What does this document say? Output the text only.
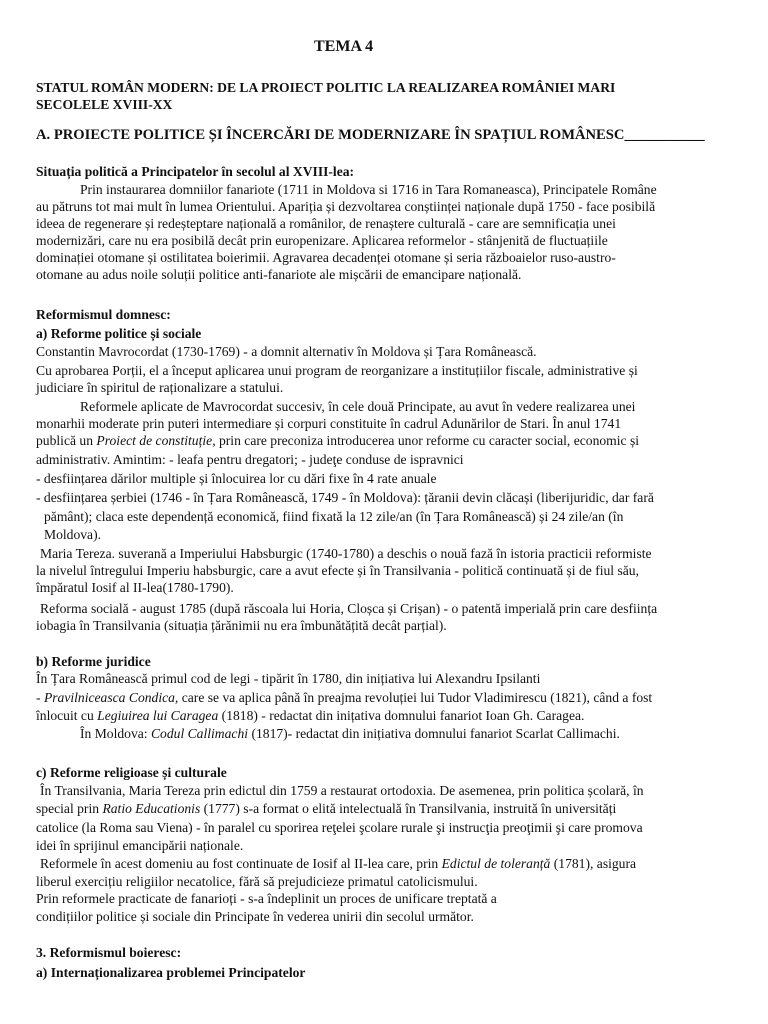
TEMA 4
STATUL ROMÂN MODERN: DE LA PROIECT POLITIC LA REALIZAREA ROMÂNIEI MARI
SECOLELE XVIII-XX
A. PROIECTE POLITICE ȘI ÎNCERCĂRI DE MODERNIZARE ÎN SPAȚIUL ROMÂNESC___________
Situația politică a Principatelor în secolul al XVIII-lea:
Prin instaurarea domniilor fanariote (1711 in Moldova si 1716 in Tara Romaneasca), Principatele Române
au pătruns tot mai mult în lumea Orientului. Apariția și dezvoltarea conștiinței naționale după 1750 - face posibilă
ideea de regenerare și redeșteptare națională a românilor, de renaștere culturală - care are semnificația unei
modernizări, care nu era posibilă decât prin europenizare. Aplicarea reformelor - stânjenită de fluctuațiile
dominației otomane și ostilitatea boierimii. Agravarea decadenței otomane și seria războaielor ruso-austro-
otomane au adus noile soluții politice anti-fanariote ale mișcării de emancipare națională.
Reformismul domnesc:
a) Reforme politice și sociale
Constantin Mavrocordat (1730-1769) - a domnit alternativ în Moldova și Țara Românească.
Cu aprobarea Porții, el a început aplicarea unui program de reorganizare a instituțiilor fiscale, administrative și
judiciare în spiritul de raționalizare a statului.
Reformele aplicate de Mavrocordat succesiv, în cele două Principate, au avut în vedere realizarea unei
monarhii moderate prin puteri intermediare și corpuri constituite în cadrul Adunărilor de Stari. În anul 1741
publică un Proiect de constituție, prin care preconiza introducerea unor reforme cu caracter social, economic și
administrativ. Amintim: - leafa pentru dregatori; - judeţe conduse de ispravnici
- desființarea dărilor multiple și înlocuirea lor cu dări fixe în 4 rate anuale
- desființarea șerbiei (1746 - în Țara Românească, 1749 - în Moldova): țăranii devin clăcași (liberijuridic, dar fară
pământ); claca este dependență economică, fiind fixată la 12 zile/an (în Țara Românească) și 24 zile/an (în
Moldova).
Maria Tereza. suverană a Imperiului Habsburgic (1740-1780) a deschis o nouă fază în istoria practicii reformiste
la nivelul întregului Imperiu habsburgic, care a avut efecte și în Transilvania - politică continuată și de fiul său,
împăratul Iosif al II-lea(1780-1790).
Reforma socială - august 1785 (după răscoala lui Horia, Cloșca și Crișan) - o patentă imperială prin care desființa
iobagia în Transilvania (situația țărănimii nu era îmbunătățită decât parțial).
b) Reforme juridice
În Țara Românească primul cod de legi - tipărit în 1780, din inițiativa lui Alexandru Ipsilanti
- Pravilniceasca Condica, care se va aplica până în preajma revoluției lui Tudor Vladimirescu (1821), când a fost
înlocuit cu Legiuirea lui Caragea (1818) - redactat din inițativa domnului fanariot Ioan Gh. Caragea.
În Moldova: Codul Callimachi (1817)- redactat din inițiativa domnului fanariot Scarlat Callimachi.
c) Reforme religioase și culturale
În Transilvania, Maria Tereza prin edictul din 1759 a restaurat ortodoxia. De asemenea, prin politica școlară, în
special prin Ratio Educationis (1777) s-a format o elită intelectuală în Transilvania, instruită în universități
catolice (la Roma sau Viena) - în paralel cu sporirea reţelei şcolare rurale şi instrucţia preoţimii şi care promova
idei în sprijinul emancipării naționale.
Reformele în acest domeniu au fost continuate de Iosif al II-lea care, prin Edictul de toleranță (1781), asigura
liberul exercițiu religiilor necatolice, fără să prejudicieze primatul catolicismului.
Prin reformele practicate de fanarioți - s-a îndeplinit un proces de unificare treptată a
condițiilor politice și sociale din Principate în vederea unirii din secolul următor.
3. Reformismul boieresc:
a) Internaționalizarea problemei Principatelor
